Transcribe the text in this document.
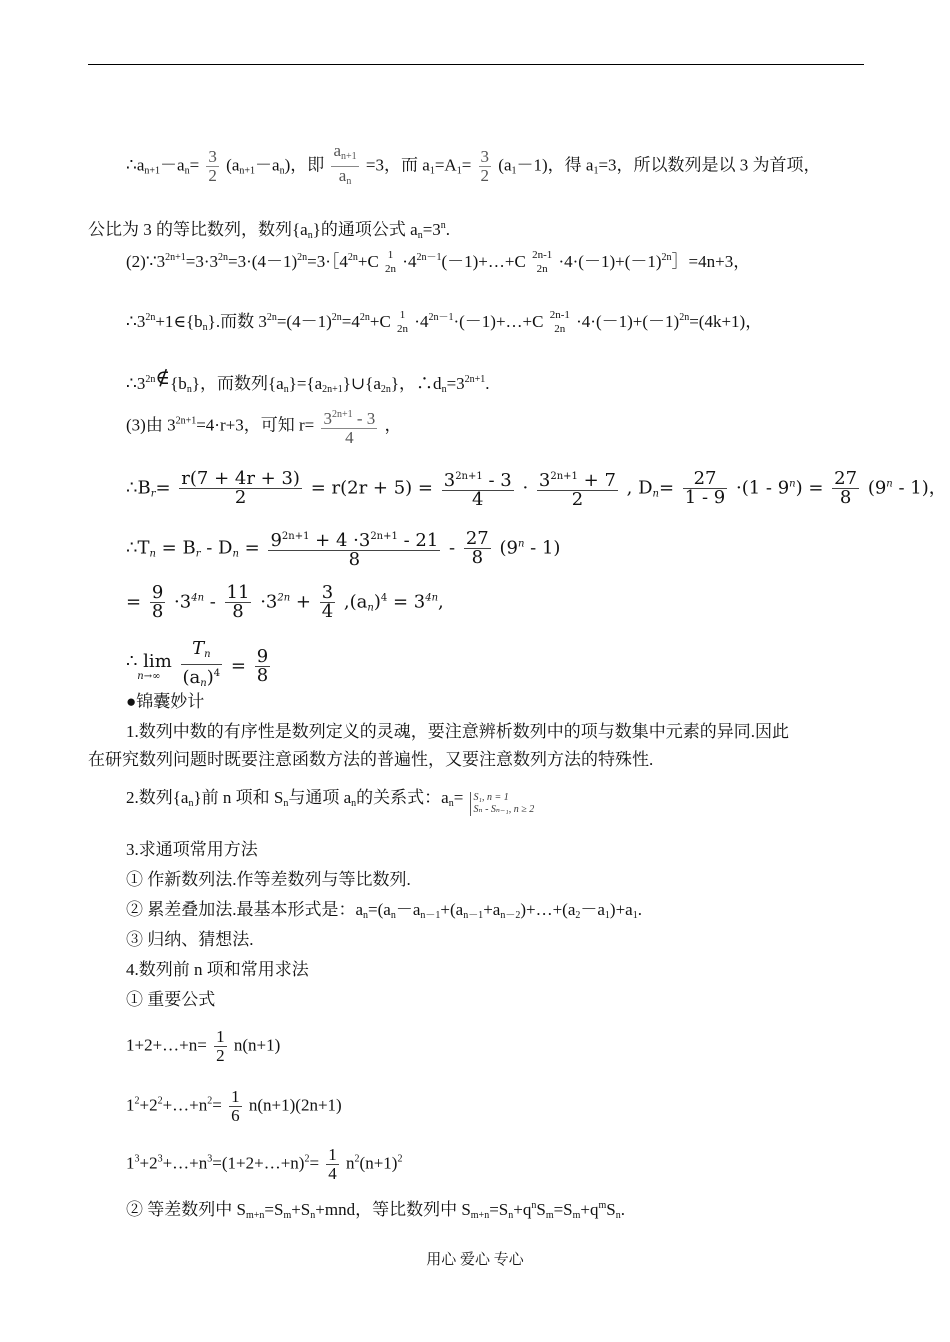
$\therefore a_{n+1}-a_n= \frac{3}{2} (a_{n+1}-a_n)$，即 $\frac{a_{n+1}}{a_n} =3$，而 $a_1=A_1= \frac{3}{2} (a_1-1)$，得 $a_1=3$，所以数列是以 3 为首项，
公比为 3 的等比数列，数列$\{a_n\}$的通项公式 $a_n=3^n$.
$(2)\because 3^{2n+1}=3\cdot 3^{2n}=3\cdot(4-1)^{2n}=3\cdot[4^{2n}+C$ 1
$2n \cdot 4^{2n-1}(-1)+\dots+C$ 2n-1
$2n \cdot 4\cdot(-1)+(-1)^{2n}]=4n+3$，
$\therefore 3^{2n}+1\in\{b_n\}$.而数 $3^{2n}=(4-1)^{2n}=4^{2n}+C$ 1
$2n \cdot 4^{2n-1}\cdot(-1)+\dots+C$ 2n-1
$2n \cdot 4\cdot(-1)+(-1)^{2n}=(4k+1)$，
$\therefore 3^{2n}\notin\{b_n\}$，而数列$\{a_n\}=\{a_{2n+1}\}\cup\{a_{2n}\}$，$\therefore d_n=3^{2n+1}$.
(3)由 $3^{2n+1}=4\cdot r+3$，可知 $r= \frac{3^{2n+1} - 3}{4}$ ，
$\therefore B_r= \frac{r(7 + 4r + 3)}{2} = r(2r + 5) = \frac{3^{2n+1} - 3}{4} \cdot \frac{3^{2n+1} + 7}{2}$ , $D_n= \frac{27}{1 - 9} \cdot(1 - 9^n) = \frac{27}{8} (9^n - 1)$，
$\therefore T_n = B_r - D_n = \frac{9^{2n+1} + 4 \cdot 3^{2n+1} - 21}{8} - \frac{27}{8} (9^n - 1)$
= $\frac{9}{8} \cdot 3^{4n} - \frac{11}{8} \cdot 3^{2n} + \frac{3}{4} ,(a_n)^4 = 3^{4n}$,
∴ lim
n→∞
	$\frac{T_n}{(a_n)^4} = \frac{9}{8}$
●锦囊妙计
1.数列中数的有序性是数列定义的灵魂，要注意辨析数列中的项与数集中元素的异同.因此
在研究数列问题时既要注意函数方法的普遍性，又要注意数列方法的特殊性.
2.数列$\{a_n\}$前 n 项和 $S_n$与通项 $a_n$的关系式：$a_n= S_1$, n = 1
Sₙ - Sₙ₋₁, n ≥ 2
3.求通项常用方法
① 作新数列法.作等差数列与等比数列.
② 累差叠加法.最基本形式是：$a_n=(a_n-a_{n-1}+(a_{n-1}+a_{n-2})+\dots+(a_2-a_1)+a_1$.
③ 归纳、猜想法.
4.数列前 n 项和常用求法
① 重要公式
1+2+…+n= $\frac{1}{2} n(n+1)$
$1^2+2^2+\dots+n^2= \frac{1}{6} n(n+1)(2n+1)$
$1^3+2^3+\dots+n^3=(1+2+\dots+n)^2= \frac{1}{4} n^2(n+1)^2$
② 等差数列中 $S_{m+n}=S_m+S_n+mnd$，等比数列中 $S_{m+n}=S_n+q^nS_m=S_m+q^mS_n$.
用心 爱心 专心
